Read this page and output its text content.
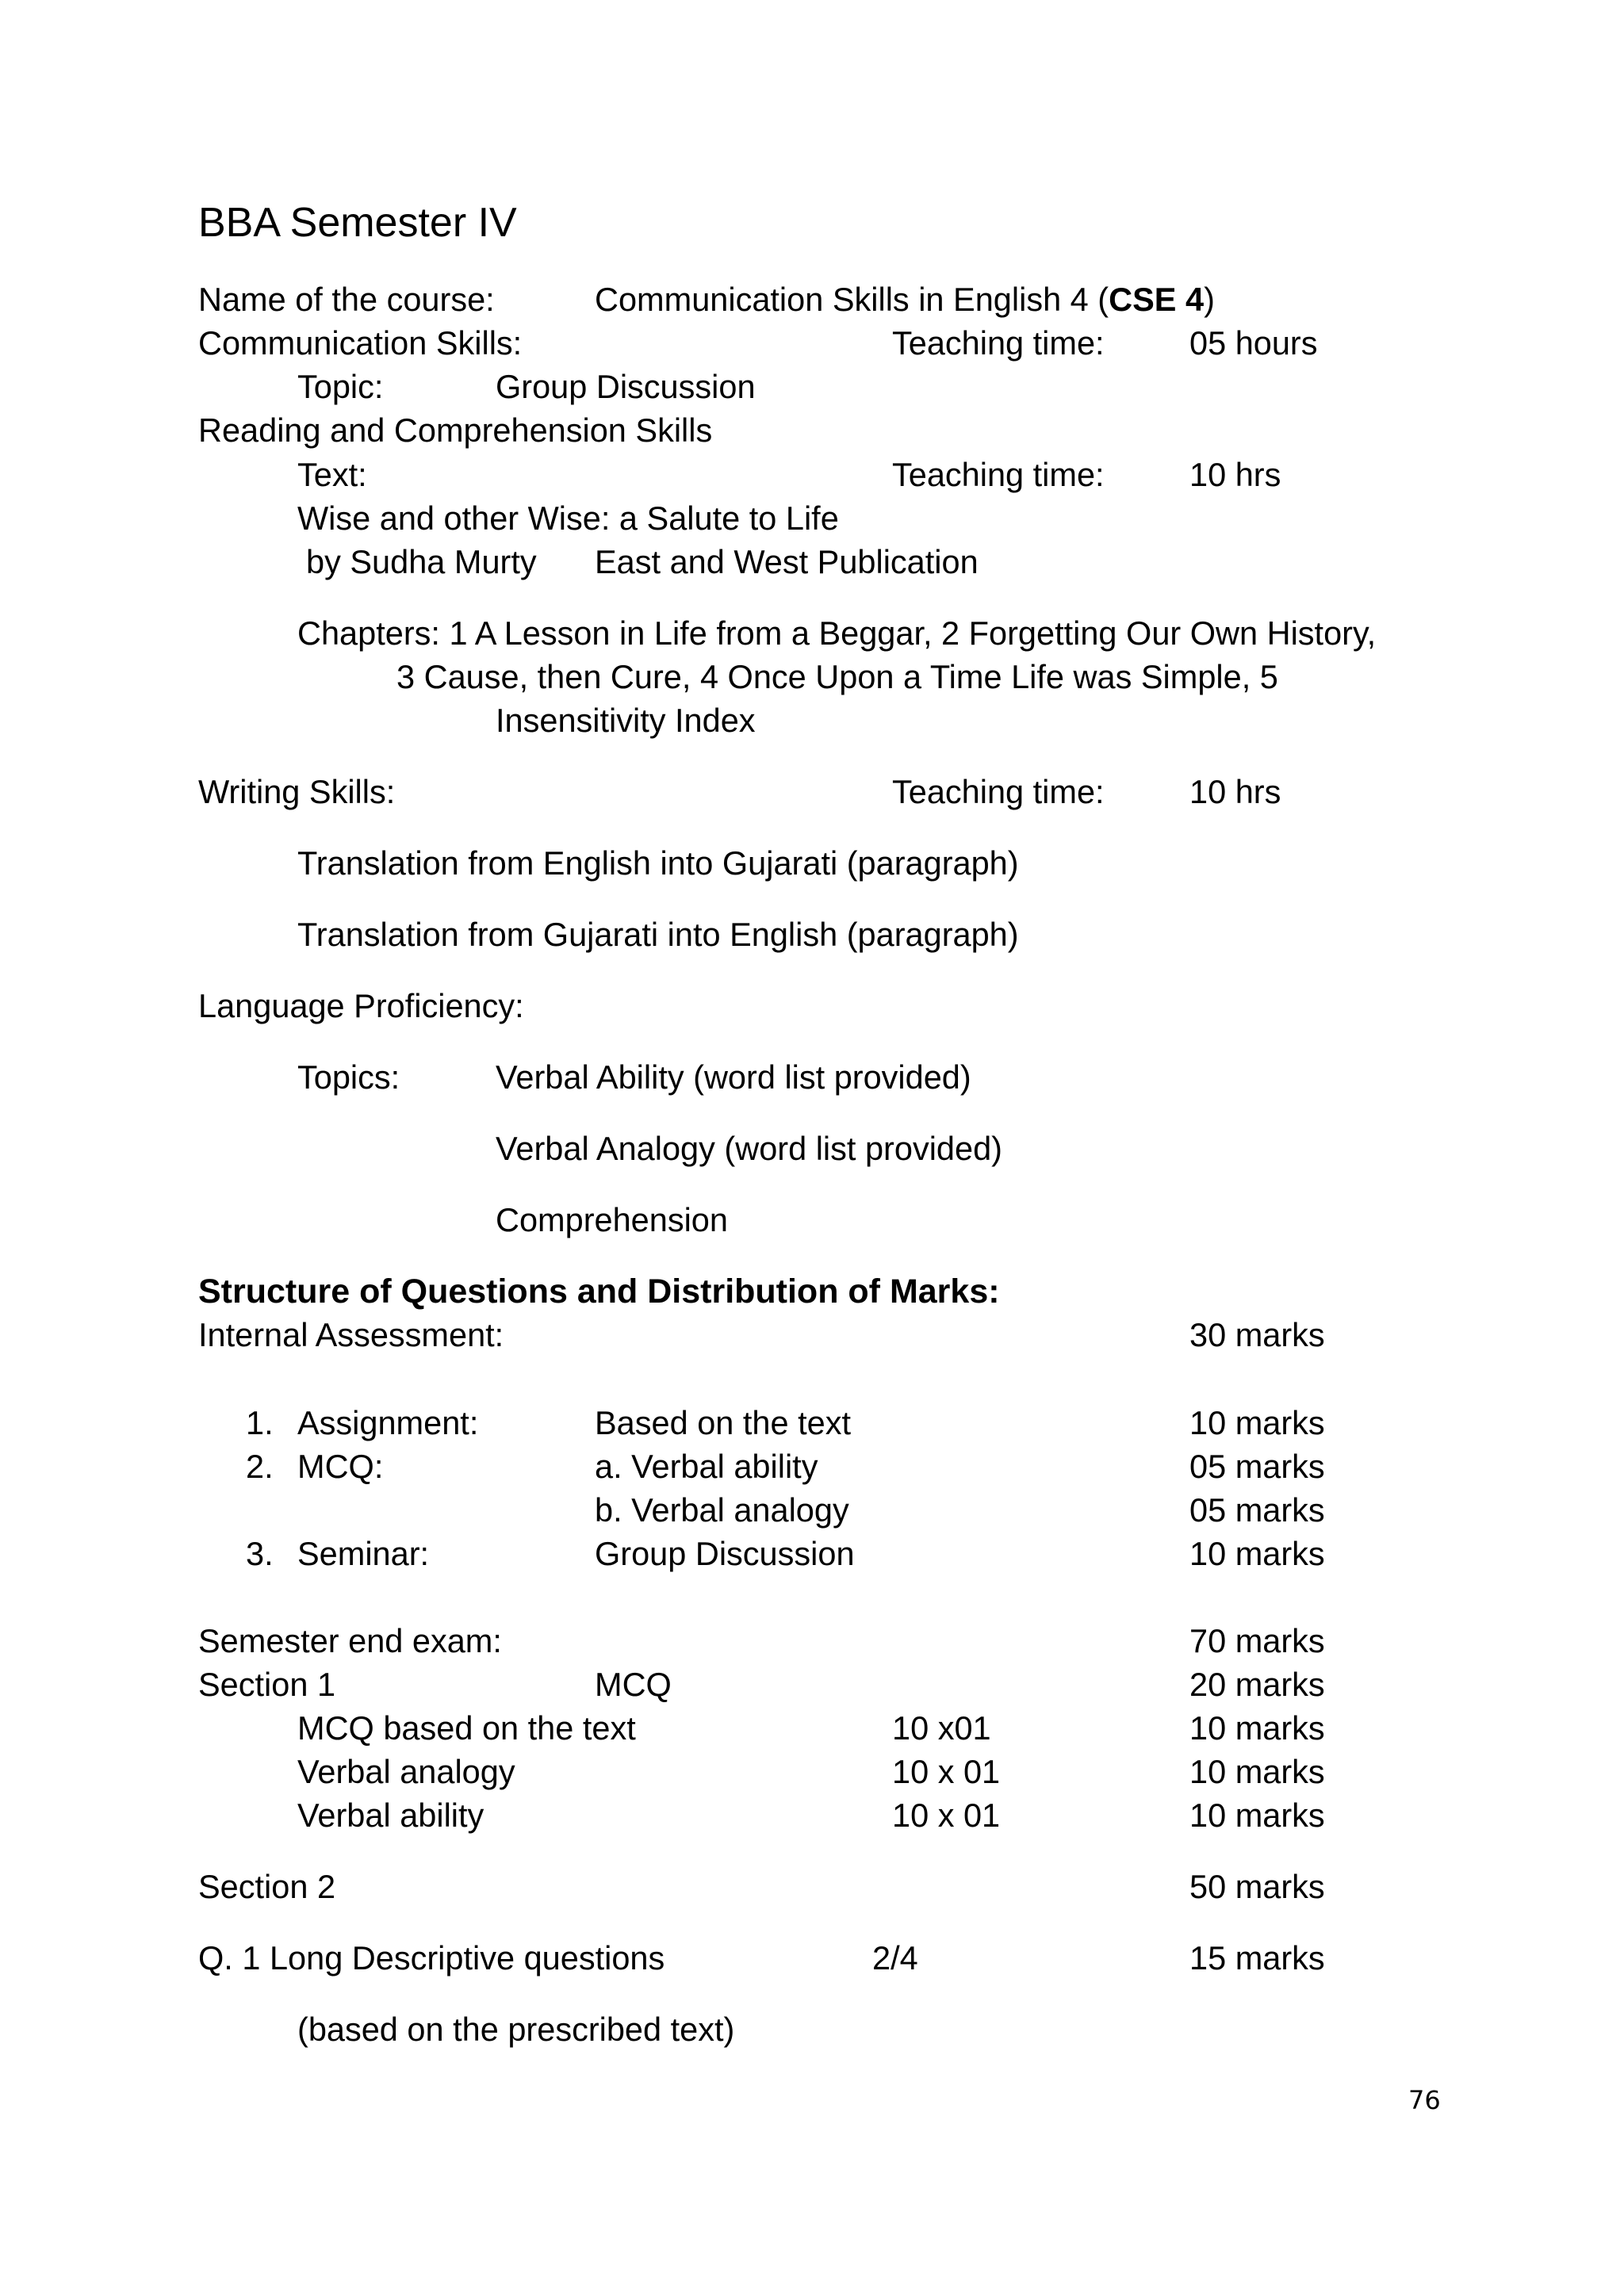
BBA Semester IV
Name of the course:	Communication Skills in English 4 (CSE 4)
Communication Skills:	Teaching time:	05 hours
Topic:	Group Discussion
Reading and Comprehension Skills
Text:	Teaching time:	10 hrs
Wise and other Wise: a Salute to Life
by Sudha Murty East and West Publication
Chapters: 1 A Lesson in Life from a Beggar, 2 Forgetting Our Own History,
3 Cause, then Cure, 4 Once Upon a Time Life was Simple, 5
Insensitivity Index
Writing Skills:	Teaching time:	10 hrs
Translation from English into Gujarati (paragraph)
Translation from Gujarati into English (paragraph)
Language Proficiency:
Topics:	Verbal Ability (word list provided)
Verbal Analogy (word list provided)
Comprehension
Structure of Questions and Distribution of Marks:
Internal Assessment:	30 marks
1. Assignment:	Based on the text	10 marks
2. MCQ:	a. Verbal ability	05 marks
b. Verbal analogy	05 marks
3. Seminar:	Group Discussion	10 marks
Semester end exam:	70 marks
Section 1	MCQ	20 marks
MCQ based on the text	10 x01	10 marks
Verbal analogy	10 x 01	10 marks
Verbal ability	10 x 01	10 marks
Section 2	50 marks
Q. 1 Long Descriptive questions	2/4	15 marks
(based on the prescribed text)
76
